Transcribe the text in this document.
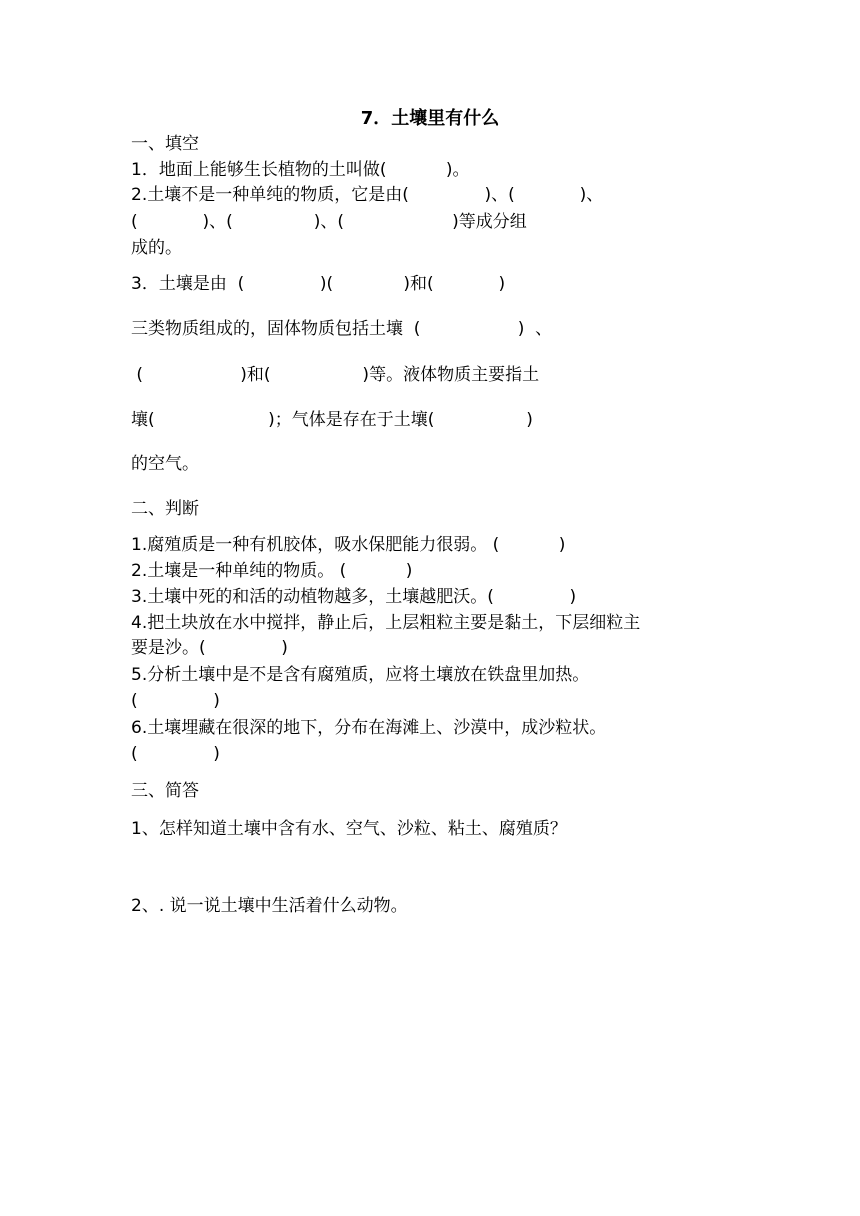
7．土壤里有什么
一、填空
1．地面上能够生长植物的土叫做(           )。
2.土壤不是一种单纯的物质，它是由(              )、(            )、
(            )、(               )、(                    )等成分组
成的。
3．土壤是由  (              )(             )和(            )
三类物质组成的，固体物质包括土壤  (                  )  、
(                  )和(                 )等。液体物质主要指土
壤(                     )；气体是存在于土壤(                 )
的空气。
二、判断
1.腐殖质是一种有机胶体，吸水保肥能力很弱。 (           )
2.土壤是一种单纯的物质。 (           )
3.土壤中死的和活的动植物越多，土壤越肥沃。(              )
4.把土块放在水中搅拌，静止后，上层粗粒主要是黏土，下层细粒主
要是沙。(              )
5.分析土壤中是不是含有腐殖质，应将土壤放在铁盘里加热。
(              )
6.土壤埋藏在很深的地下，分布在海滩上、沙漠中，成沙粒状。
(              )
三、简答
1、怎样知道土壤中含有水、空气、沙粒、粘土、腐殖质？
2、. 说一说土壤中生活着什么动物。
